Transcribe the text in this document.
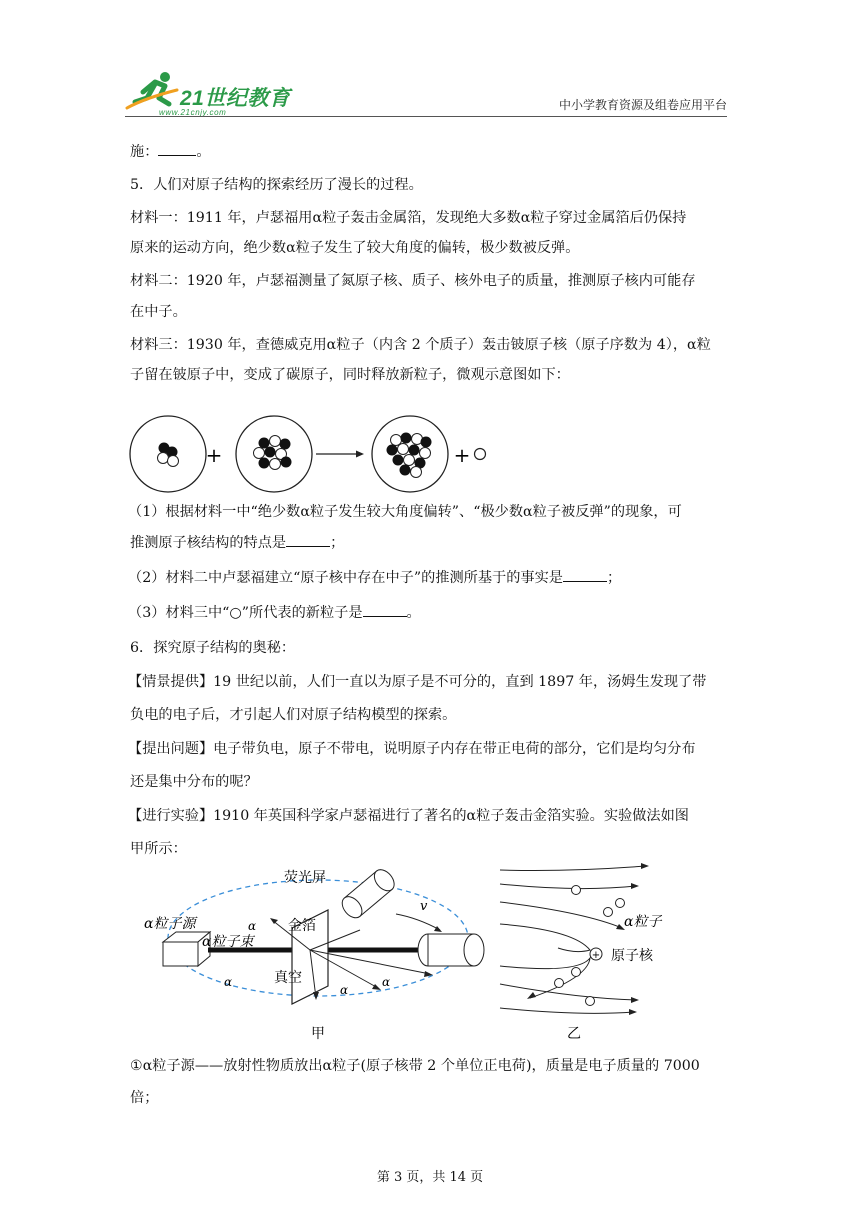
21世纪教育
www.21cnjy.com
中小学教育资源及组卷应用平台
施：	。
5．人们对原子结构的探索经历了漫长的过程。
材料一：1911 年，卢瑟福用α粒子轰击金属箔，发现绝大多数α粒子穿过金属箔后仍保持
原来的运动方向，绝少数α粒子发生了较大角度的偏转，极少数被反弹。
材料二：1920 年，卢瑟福测量了氮原子核、质子、核外电子的质量，推测原子核内可能存
在中子。
材料三：1930 年，查德威克用α粒子（内含 2 个质子）轰击铍原子核（原子序数为 4），α粒
子留在铍原子中，变成了碳原子，同时释放新粒子，微观示意图如下：
（1）根据材料一中“绝少数α粒子发生较大角度偏转”、“极少数α粒子被反弹”的现象，可
推测原子核结构的特点是	；
（2）材料二中卢瑟福建立“原子核中存在中子”的推测所基于的事实是	；
（3）材料三中“○”所代表的新粒子是	。
6．探究原子结构的奥秘：
【情景提供】19 世纪以前，人们一直以为原子是不可分的，直到 1897 年，汤姆生发现了带
负电的电子后，才引起人们对原子结构模型的探索。
【提出问题】电子带负电，原子不带电，说明原子内存在带正电荷的部分，它们是均匀分布
还是集中分布的呢？
【进行实验】1910 年英国科学家卢瑟福进行了著名的α粒子轰击金箔实验。实验做法如图
甲所示：
①α粒子源——放射性物质放出α粒子(原子核带 2 个单位正电荷)，质量是电子质量的 7000
倍；
+	+
荧光屏
α粒子源
α粒子束
金箔
真空
α
α
α
α
v
甲
+
α粒子
原子核
乙
第 3 页，共 14 页
